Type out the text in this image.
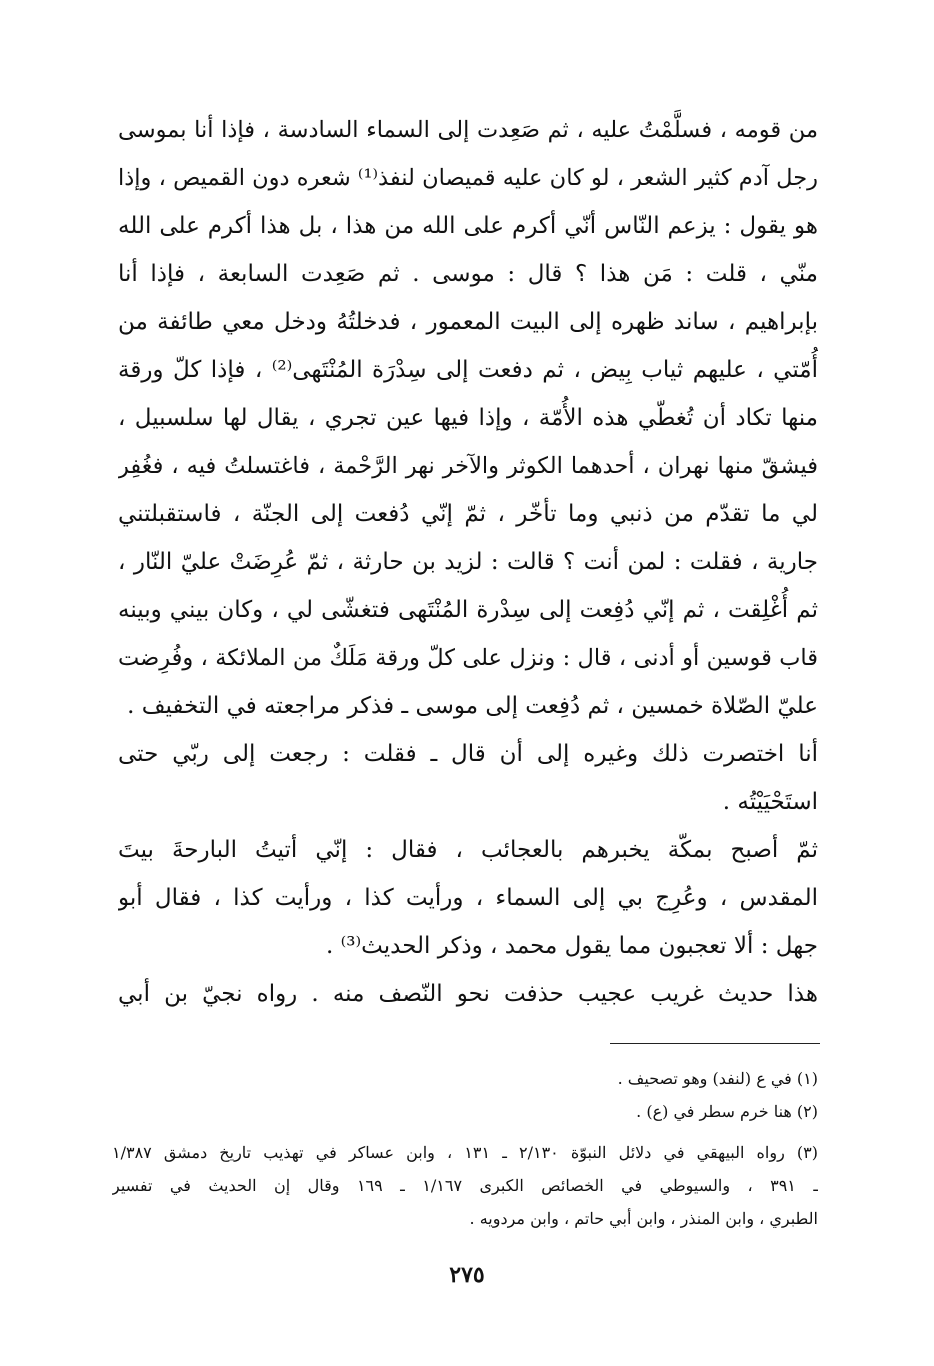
من قومه ، فسلَّمْتُ عليه ، ثم صَعِدت إلى السماء السادسة ، فإذا أنا بموسى
رجل آدم كثير الشعر ، لو كان عليه قميصان لنفذ⁽¹⁾ شعره دون القميص ، وإذا
هو يقول : يزعم النّاس أنّي أكرم على الله من هذا ، بل هذا أكرم على الله
منّي ، قلت : مَن هذا ؟ قال : موسى . ثم صَعِدت السابعة ، فإذا أنا
بإبراهيم ، ساند ظهره إلى البيت المعمور ، فدخلتُهُ ودخل معي طائفة من
أُمّتي ، عليهم ثياب بِيض ، ثم دفعت إلى سِدْرَة المُنْتَهى⁽²⁾ ، فإذا كلّ ورقة
منها تكاد أن تُغطّي هذه الأُمّة ، وإذا فيها عين تجري ، يقال لها سلسبيل ،
فيشقّ منها نهران ، أحدهما الكوثر والآخر نهر الرَّحْمة ، فاغتسلتُ فيه ، فغُفِر
لي ما تقدّم من ذنبي وما تأخّر ، ثمّ إنّي دُفعت إلى الجنّة ، فاستقبلتني
جارية ، فقلت : لمن أنت ؟ قالت : لزيد بن حارثة ، ثمّ عُرِضَتْ عليّ النّار ،
ثم أُغْلِقت ، ثم إنّي دُفِعت إلى سِدْرة المُنْتَهى فتغشّى لي ، وكان بيني وبينه
قاب قوسين أو أدنى ، قال : ونزل على كلّ ورقة مَلَكٌ من الملائكة ، وفُرِضت
عليّ الصّلاة خمسين ، ثم دُفِعت إلى موسى ـ فذكر مراجعته في التخفيف .
أنا اختصرت ذلك وغيره إلى أن قال ـ فقلت : رجعت إلى ربّي حتى
استَحْيَيْتُه .
ثمّ أصبح بمكّة يخبرهم بالعجائب ، فقال : إنّي أتيتُ البارحةَ بيتَ
المقدس ، وعُرِج بي إلى السماء ، ورأيت كذا ، ورأيت كذا ، فقال أبو
جهل : ألا تعجبون مما يقول محمد ، وذكر الحديث⁽³⁾ .
هذا حديث غريب عجيب حذفت نحو النّصف منه . رواه نجيّ بن أبي
(١) في ع (لنفد) وهو تصحيف .
(٢) هنا خرم سطر في (ع) .
(٣) رواه البيهقي في دلائل النبوّة ٢/١٣٠ ـ ١٣١ ، وابن عساكر في تهذيب تاريخ دمشق ١/٣٨٧
ـ ٣٩١ ، والسيوطي في الخصائص الكبرى ١/١٦٧ ـ ١٦٩ وقال إن الحديث في تفسير
الطبري ، وابن المنذر ، وابن أبي حاتم ، وابن مردويه .
٢٧٥
